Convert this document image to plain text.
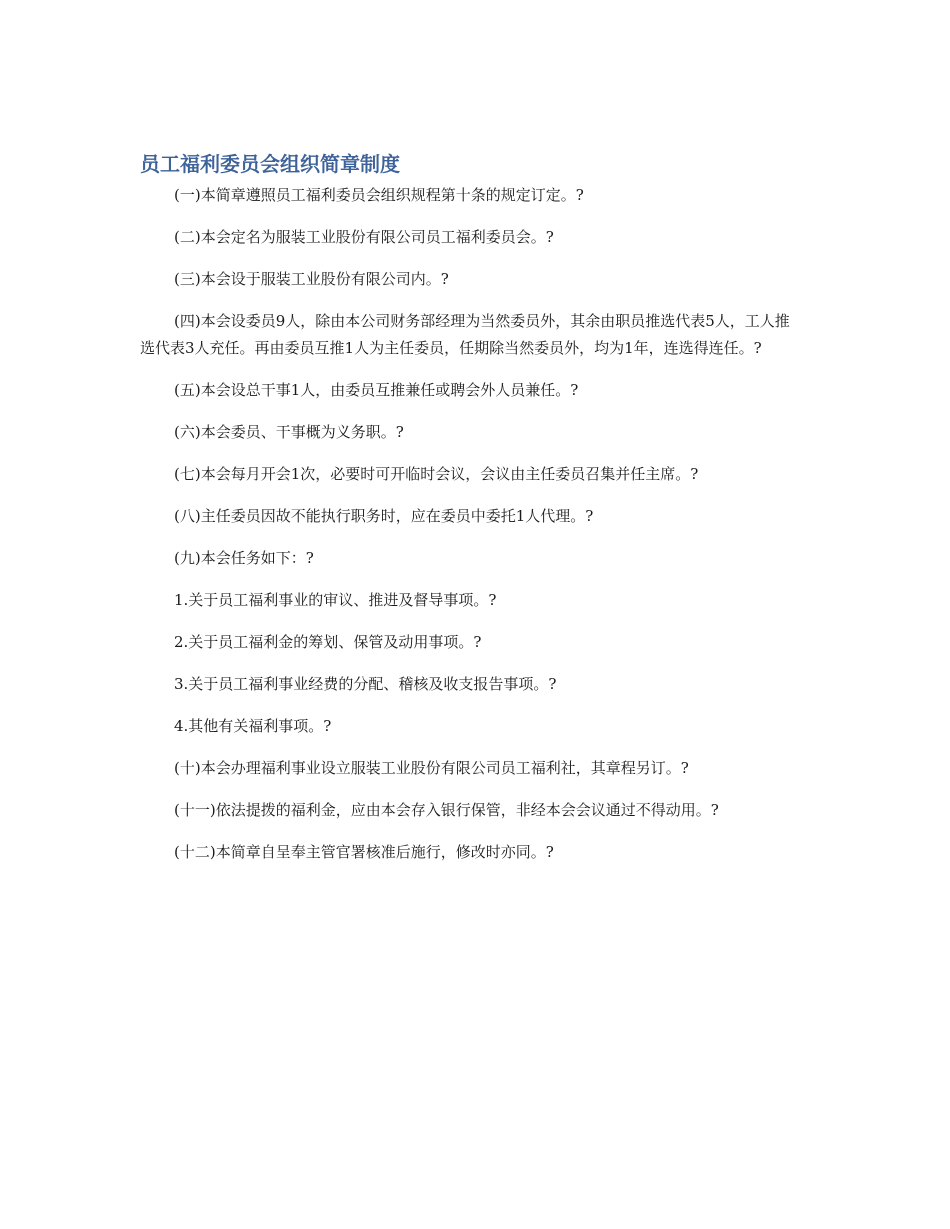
员工福利委员会组织简章制度

(一)本简章遵照员工福利委员会组织规程第十条的规定订定。?

(二)本会定名为服装工业股份有限公司员工福利委员会。?

(三)本会设于服装工业股份有限公司内。?

(四)本会设委员9人，除由本公司财务部经理为当然委员外，其余由职员推选代表5人，工人推选代表3人充任。再由委员互推1人为主任委员，任期除当然委员外，均为1年，连选得连任。?

(五)本会设总干事1人，由委员互推兼任或聘会外人员兼任。?

(六)本会委员、干事概为义务职。?

(七)本会每月开会1次，必要时可开临时会议，会议由主任委员召集并任主席。?

(八)主任委员因故不能执行职务时，应在委员中委托1人代理。?

(九)本会任务如下：?

1.关于员工福利事业的审议、推进及督导事项。?

2.关于员工福利金的筹划、保管及动用事项。?

3.关于员工福利事业经费的分配、稽核及收支报告事项。?

4.其他有关福利事项。?

(十)本会办理福利事业设立服装工业股份有限公司员工福利社，其章程另订。?

(十一)依法提拨的福利金，应由本会存入银行保管，非经本会会议通过不得动用。?

(十二)本简章自呈奉主管官署核准后施行，修改时亦同。?
